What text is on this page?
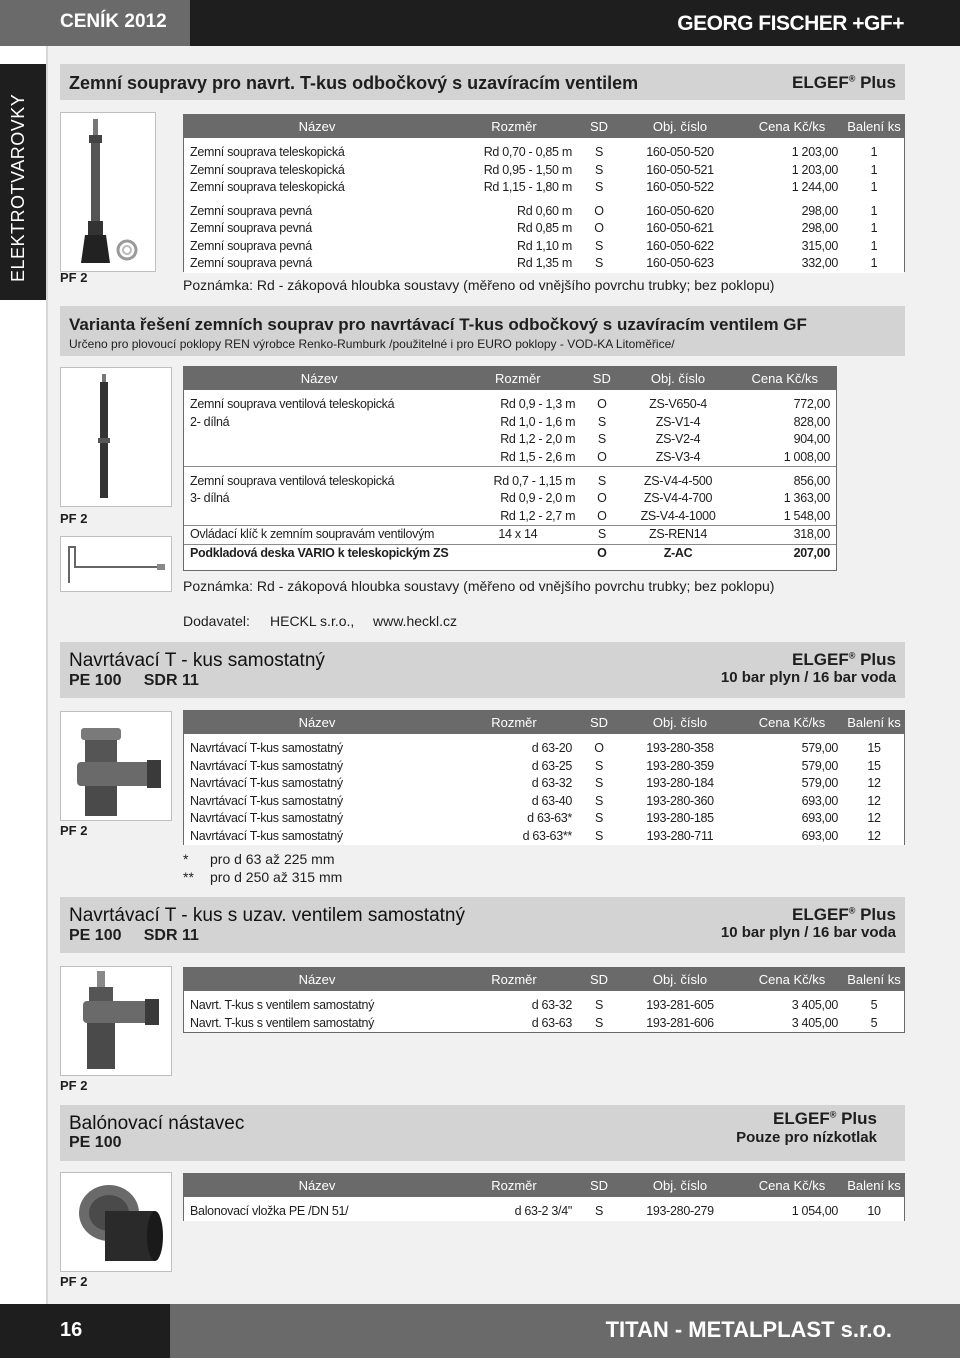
CENÍK 2012	GEORG FISCHER +GF+
ELEKTROTVAROVKY
Zemní soupravy pro navrt. T-kus odbočkový s uzavíracím ventilem	ELGEF® Plus
PF 2
Název	Rozměr	SD	Obj. číslo	Cena Kč/ks	Balení ks

Zemní souprava teleskopická	Rd 0,70 - 0,85 m	S	160-050-520	1 203,00	1
Zemní souprava teleskopická	Rd 0,95 - 1,50 m	S	160-050-521	1 203,00	1
Zemní souprava teleskopická	Rd 1,15 - 1,80 m	S	160-050-522	1 244,00	1

Zemní souprava pevná	Rd 0,60 m	O	160-050-620	298,00	1
Zemní souprava pevná	Rd 0,85 m	O	160-050-621	298,00	1
Zemní souprava pevná	Rd 1,10 m	S	160-050-622	315,00	1
Zemní souprava pevná	Rd 1,35 m	S	160-050-623	332,00	1
Poznámka: Rd - zákopová hloubka soustavy (měřeno od vnějšího povrchu trubky; bez poklopu)
Varianta řešení zemních souprav pro navrtávací T-kus odbočkový s uzavíracím ventilem GF
Určeno pro plovoucí poklopy REN výrobce Renko-Rumburk /použitelné i pro EURO poklopy - VOD-KA Litoměřice/
PF 2
Název	Rozměr	SD	Obj. číslo	Cena Kč/ks

Zemní souprava ventilová teleskopická	Rd 0,9 - 1,3 m	O	ZS-V650-4	772,00
2- dílná	Rd 1,0 - 1,6 m	S	ZS-V1-4	828,00
	Rd 1,2 - 2,0 m	S	ZS-V2-4	904,00
	Rd 1,5 - 2,6 m	O	ZS-V3-4	1 008,00

Zemní souprava ventilová teleskopická	Rd 0,7 - 1,15 m	S	ZS-V4-4-500	856,00
3- dílná	Rd 0,9 - 2,0 m	O	ZS-V4-4-700	1 363,00
	Rd 1,2 - 2,7 m	O	ZS-V4-4-1000	1 548,00
Ovládací klíč k zemním soupravám ventilovým	14 x 14	S	ZS-REN14	318,00
Podkladová deska VARIO k teleskopickým ZS		O	Z-AC	207,00
Poznámka: Rd - zákopová hloubka soustavy (měřeno od vnějšího povrchu trubky; bez poklopu)
Dodavatel: HECKL s.r.o., www.heckl.cz
Navrtávací T - kus samostatný
PE 100     SDR 11
ELGEF® Plus
10 bar plyn / 16 bar voda
PF 2
Název	Rozměr	SD	Obj. číslo	Cena Kč/ks	Balení ks

Navrtávací T-kus samostatný	d 63-20	O	193-280-358	579,00	15
Navrtávací T-kus samostatný	d 63-25	S	193-280-359	579,00	15
Navrtávací T-kus samostatný	d 63-32	S	193-280-184	579,00	12
Navrtávací T-kus samostatný	d 63-40	S	193-280-360	693,00	12
Navrtávací T-kus samostatný	d 63-63*	S	193-280-185	693,00	12
Navrtávací T-kus samostatný	d 63-63**	S	193-280-711	693,00	12
* pro d 63 až 225 mm
** pro d 250 až 315 mm
Navrtávací T - kus s uzav. ventilem samostatný
PE 100     SDR 11
ELGEF® Plus
10 bar plyn / 16 bar voda
PF 2
Název	Rozměr	SD	Obj. číslo	Cena Kč/ks	Balení ks

Navrt. T-kus s ventilem samostatný	d 63-32	S	193-281-605	3 405,00	5
Navrt. T-kus s ventilem samostatný	d 63-63	S	193-281-606	3 405,00	5
Balónovací nástavec
PE 100
ELGEF® Plus
Pouze pro nízkotlak
PF 2
Název	Rozměr	SD	Obj. číslo	Cena Kč/ks	Balení ks

Balonovací vložka PE /DN 51/	d 63-2 3/4"	S	193-280-279	1 054,00	10
16	TITAN - METALPLAST s.r.o.
